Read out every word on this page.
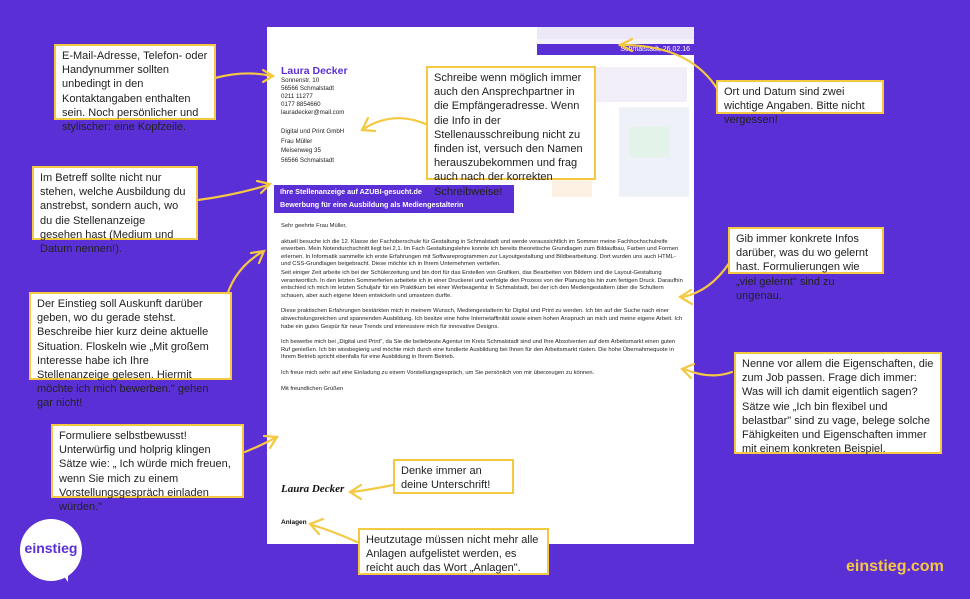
Schmalstadt, 26.02.16
Laura Decker
Sonnenstr. 10
56566 Schmalstadt
0211 11277
0177 8854660
lauradecker@mail.com
Digital und Print GmbH
Frau Müller
Meisenweg 35
56566 Schmalstadt
Ihre Stellenanzeige auf AZUBI-gesucht.de
Bewerbung für eine Ausbildung als Mediengestalterin

Sehr geehrte Frau Müller,

aktuell besuche ich die 12. Klasse der Fachoberschule für Gestaltung in Schmalstadt und werde voraussichtlich im Sommer meine Fachhochschulreife erwerben. Mein Notendurchschnitt liegt bei 2,1. Im Fach Gestaltungslehre konnte ich bereits theoretische Grundlagen zum Bildaufbau, Farben und Formen erlernen. In Informatik sammelte ich erste Erfahrungen mit Softwareprogrammen zur Layoutgestaltung und Bildbearbeitung. Dort wurden uns auch HTML- und CSS-Grundlagen beigebracht. Diese möchte ich in Ihrem Unternehmen vertiefen.

Seit einiger Zeit arbeite ich bei der Schülerzeitung und bin dort für das Erstellen von Grafiken, das Bearbeiten von Bildern und die Layout-Gestaltung verantwortlich. In den letzten Sommerferien arbeitete ich in einer Druckerei und verfolgte den Prozess von der Planung bis hin zum fertigen Druck. Daraufhin entschied ich mich im letzten Schuljahr für ein Praktikum bei einer Werbeagentur in Schmalstadt, bei der ich den Mediengestaltern über die Schultern schauen, aber auch eigene Ideen entwickeln und umsetzen durfte.

Diese praktischen Erfahrungen bestärkten mich in meinem Wunsch, Mediengestalterin für Digital und Print zu werden. Ich bin auf der Suche nach einer abwechslungsreichen und spannenden Ausbildung. Ich besitze eine hohe Internetaffinität sowie einen hohen Anspruch an mich und meine eigene Arbeit. Ich habe ein gutes Gespür für neue Trends und interessiere mich für innovative Designs.

Ich bewerbe mich bei „Digital und Print", da Sie die beliebteste Agentur im Kreis Schmalstadt sind und Ihre Absolventen auf dem Arbeitsmarkt einen guten Ruf genießen. Ich bin wissbegierig und möchte mich durch eine fundierte Ausbildung bei Ihnen für den Arbeitsmarkt rüsten. Die hohe Übernahmequote in Ihrem Betrieb spricht ebenfalls für eine Ausbildung in Ihrem Betrieb.

Ich freue mich sehr auf eine Einladung zu einem Vorstellungsgespräch, um Sie persönlich von mir überzeugen zu können.

Mit freundlichen Grüßen

Laura Decker
Anlagen
E-Mail-Adresse, Telefon- oder Handynummer sollten unbedingt in den Kontaktangaben enthalten sein. Noch persönlicher und stylischer: eine Kopfzeile.
Schreibe wenn möglich immer auch den Ansprechpartner in die Empfängeradresse. Wenn die Info in der Stellenausschreibung nicht zu finden ist, versuch den Namen herauszubekommen und frag auch nach der korrekten Schreibweise!
Ort und Datum sind zwei wichtige Angaben. Bitte nicht vergessen!
Im Betreff sollte nicht nur stehen, welche Ausbildung du anstrebst, sondern auch, wo du die Stellenanzeige gesehen hast (Medium und Datum nennen!).
Gib immer konkrete Infos darüber, was du wo gelernt hast. Formulierungen wie „viel gelernt" sind zu ungenau.
Der Einstieg soll Auskunft darüber geben, wo du gerade stehst. Beschreibe hier kurz deine aktuelle Situation. Floskeln wie „Mit großem Interesse habe ich Ihre Stellenanzeige gelesen. Hiermit möchte ich mich bewerben." gehen gar nicht!
Nenne vor allem die Eigenschaften, die zum Job passen. Frage dich immer: Was will ich damit eigentlich sagen? Sätze wie „Ich bin flexibel und belastbar" sind zu vage, belege solche Fähigkeiten und Eigenschaften immer mit einem konkreten Beispiel.
Formuliere selbstbewusst! Unterwürfig und holprig klingen Sätze wie: „ Ich würde mich freuen, wenn Sie mich zu einem Vorstellungsgespräch einladen würden."
Denke immer an deine Unterschrift!
Heutzutage müssen nicht mehr alle Anlagen aufgelistet werden, es reicht auch das Wort „Anlagen".
einstieg
einstieg.com
